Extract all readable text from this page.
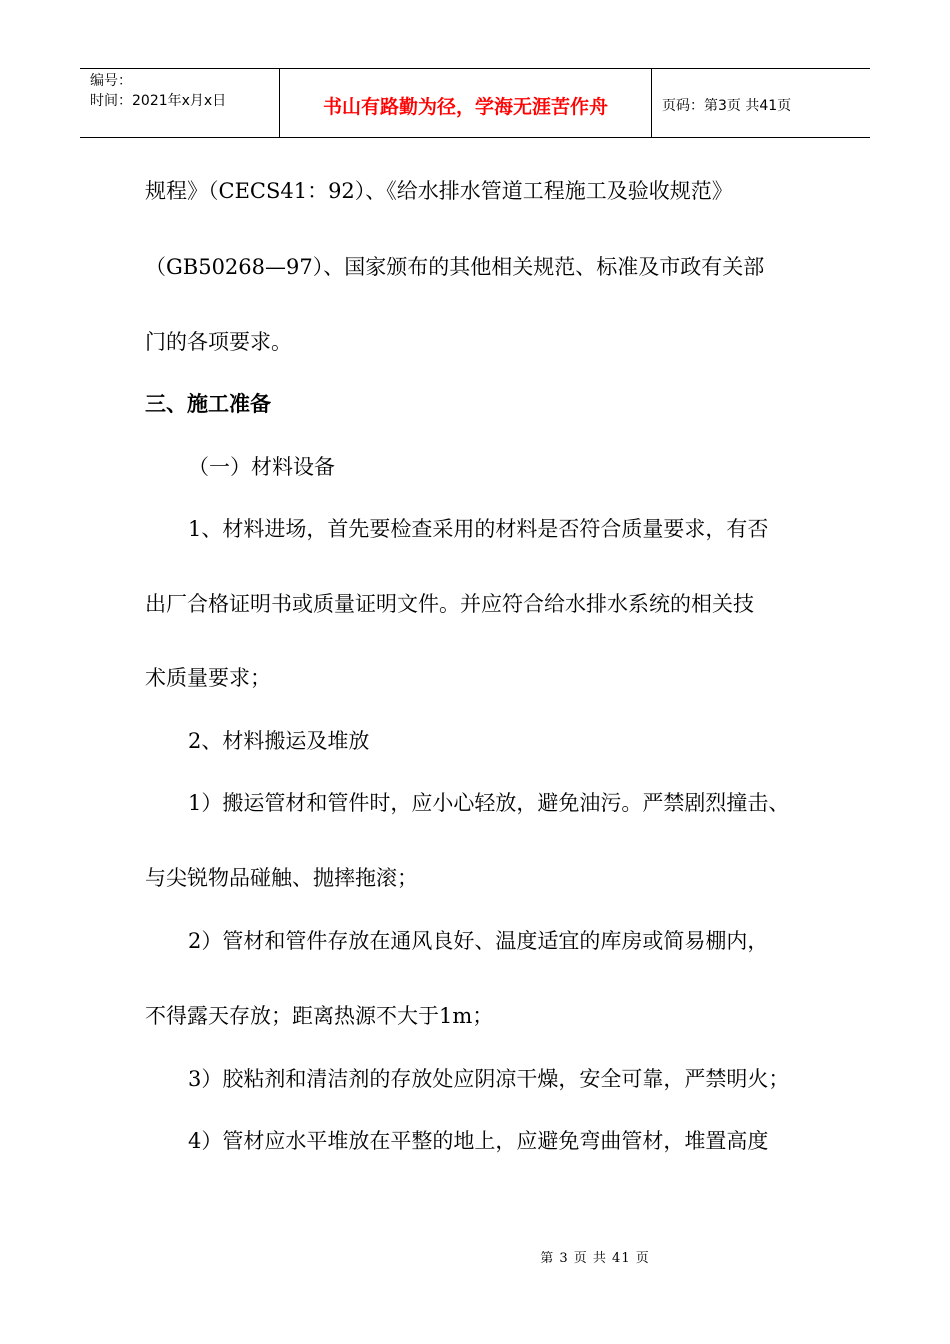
编号：
时间：2021年x月x日	书山有路勤为径，学海无涯苦作舟	页码：第3页 共41页
规程》（CECS41：92）、《给水排水管道工程施工及验收规范》
（GB50268—97）、国家颁布的其他相关规范、标准及市政有关部
门的各项要求。
三、施工准备
（一）材料设备
1、材料进场，首先要检查采用的材料是否符合质量要求，有否
出厂合格证明书或质量证明文件。并应符合给水排水系统的相关技
术质量要求；
2、材料搬运及堆放
1）搬运管材和管件时，应小心轻放，避免油污。严禁剧烈撞击、
与尖锐物品碰触、抛摔拖滚；
2）管材和管件存放在通风良好、温度适宜的库房或简易棚内，
不得露天存放；距离热源不大于1m；
3）胶粘剂和清洁剂的存放处应阴凉干燥，安全可靠，严禁明火；
4）管材应水平堆放在平整的地上，应避免弯曲管材，堆置高度
第 3 页 共 41 页
